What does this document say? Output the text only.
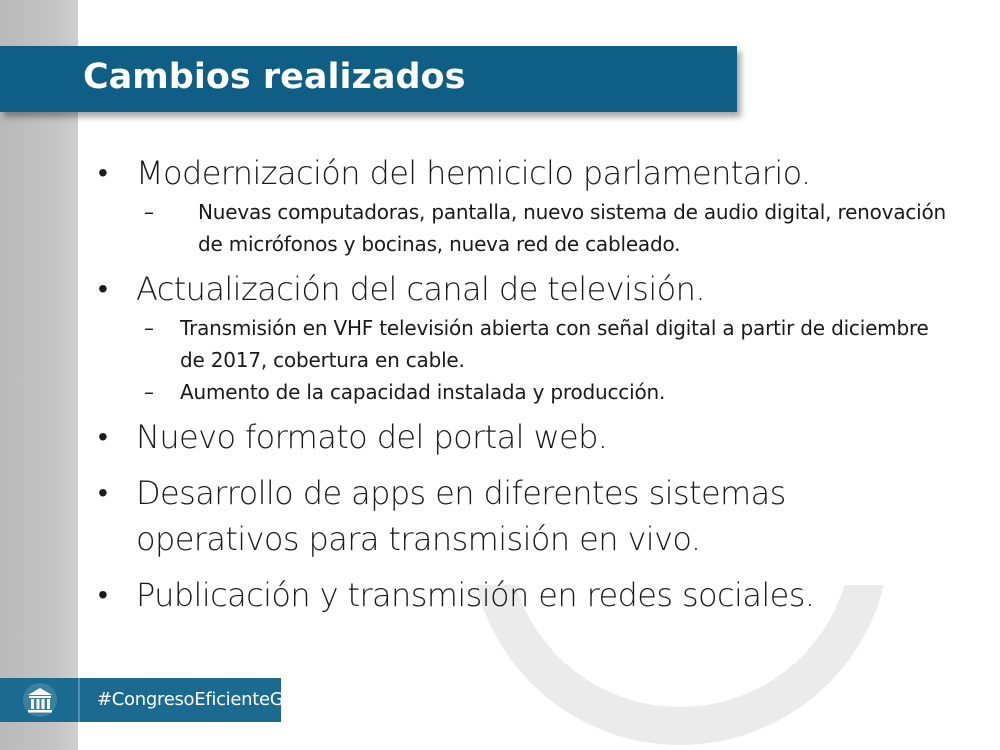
Cambios realizados
• Modernización del hemiciclo parlamentario.
– Nuevas computadoras, pantalla, nuevo sistema de audio digital, renovación de micrófonos y bocinas, nueva red de cableado.
• Actualización del canal de televisión.
– Transmisión en VHF televisión abierta con señal digital a partir de diciembre de 2017, cobertura en cable.
– Aumento de la capacidad instalada y producción.
• Nuevo formato del portal web.
• Desarrollo de apps en diferentes sistemas operativos para transmisión en vivo.
• Publicación y transmisión en redes sociales.
#CongresoEficienteGT
